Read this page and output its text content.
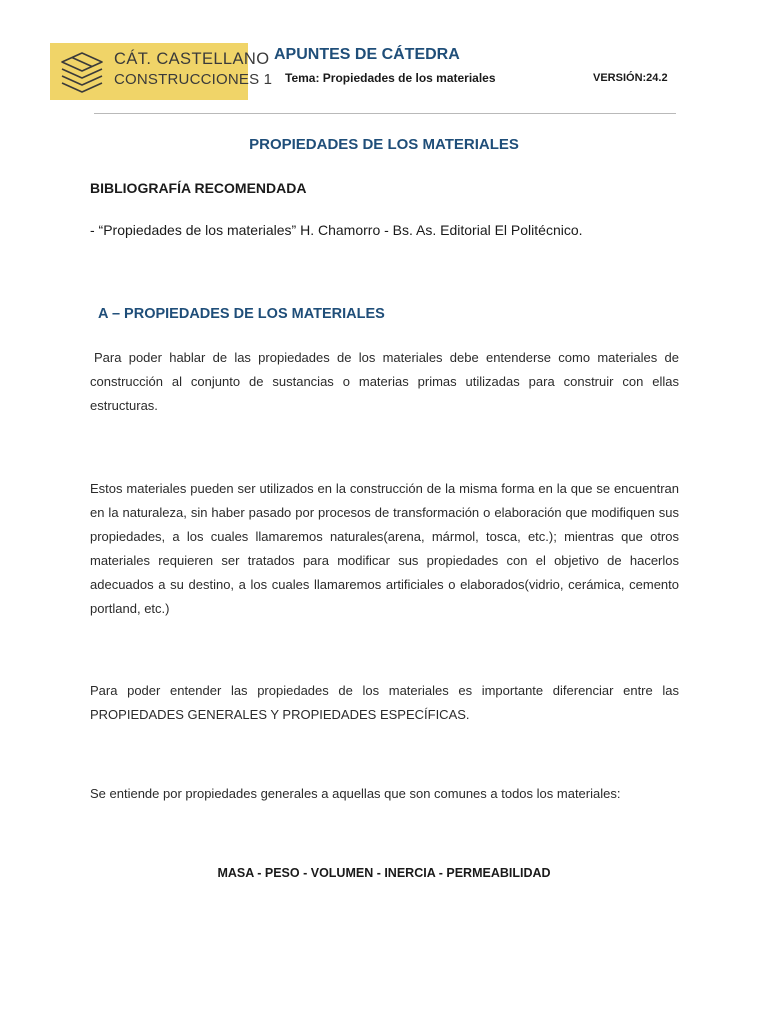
CÁT. CASTELLANO
CONSTRUCCIONES 1
APUNTES DE CÁTEDRA
Tema: Propiedades de los materiales	VERSIÓN:24.2
PROPIEDADES DE LOS MATERIALES
BIBLIOGRAFÍA RECOMENDADA
- “Propiedades de los materiales” H. Chamorro - Bs. As. Editorial El Politécnico.
A – PROPIEDADES DE LOS MATERIALES

Para poder hablar de las propiedades de los materiales debe entenderse como materiales de construcción al conjunto de sustancias o materias primas utilizadas para construir con ellas estructuras.

Estos materiales pueden ser utilizados en la construcción de la misma forma en la que se encuentran en la naturaleza, sin haber pasado por procesos de transformación o elaboración que modifiquen sus propiedades, a los cuales llamaremos naturales(arena, mármol, tosca, etc.); mientras que otros materiales requieren ser tratados para modificar sus propiedades con el objetivo de hacerlos adecuados a su destino, a los cuales llamaremos artificiales o elaborados(vidrio, cerámica, cemento portland, etc.)

Para poder entender las propiedades de los materiales es importante diferenciar entre las PROPIEDADES GENERALES Y PROPIEDADES ESPECÍFICAS.

Se entiende por propiedades generales a aquellas que son comunes a todos los materiales:

MASA - PESO - VOLUMEN - INERCIA - PERMEABILIDAD
